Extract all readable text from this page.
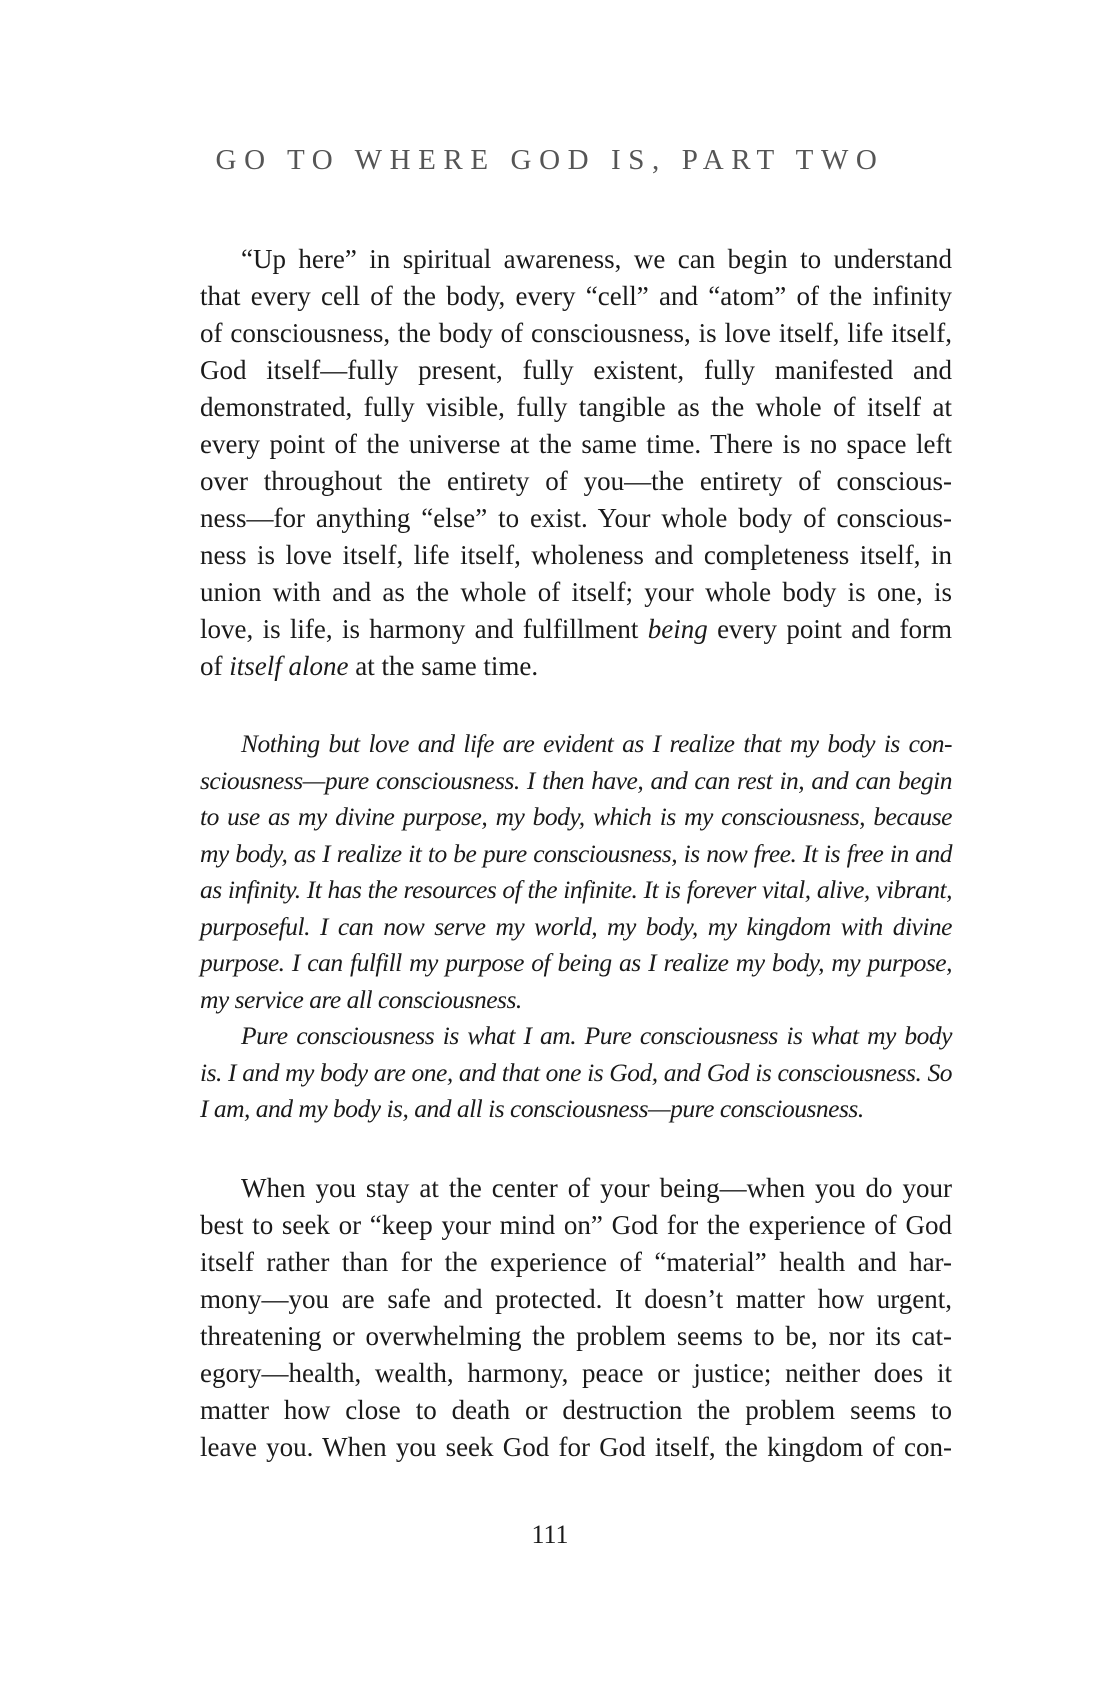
GO TO WHERE GOD IS, PART TWO
“Up here” in spiritual awareness, we can begin to understand
that every cell of the body, every “cell” and “atom” of the infinity
of consciousness, the body of consciousness, is love itself, life itself,
God itself—fully present, fully existent, fully manifested and
demonstrated, fully visible, fully tangible as the whole of itself at
every point of the universe at the same time. There is no space left
over throughout the entirety of you—the entirety of conscious-
ness—for anything “else” to exist. Your whole body of conscious-
ness is love itself, life itself, wholeness and completeness itself, in
union with and as the whole of itself; your whole body is one, is
love, is life, is harmony and fulfillment being every point and form
of itself alone at the same time.
Nothing but love and life are evident as I realize that my body is con-
sciousness—pure consciousness. I then have, and can rest in, and can begin
to use as my divine purpose, my body, which is my consciousness, because
my body, as I realize it to be pure consciousness, is now free. It is free in and
as infinity. It has the resources of the infinite. It is forever vital, alive, vibrant,
purposeful. I can now serve my world, my body, my kingdom with divine
purpose. I can fulfill my purpose of being as I realize my body, my purpose,
my service are all consciousness.
Pure consciousness is what I am. Pure consciousness is what my body
is. I and my body are one, and that one is God, and God is consciousness. So
I am, and my body is, and all is consciousness—pure consciousness.
When you stay at the center of your being—when you do your
best to seek or “keep your mind on” God for the experience of God
itself rather than for the experience of “material” health and har-
mony—you are safe and protected. It doesn’t matter how urgent,
threatening or overwhelming the problem seems to be, nor its cat-
egory—health, wealth, harmony, peace or justice; neither does it
matter how close to death or destruction the problem seems to
leave you. When you seek God for God itself, the kingdom of con-
111
